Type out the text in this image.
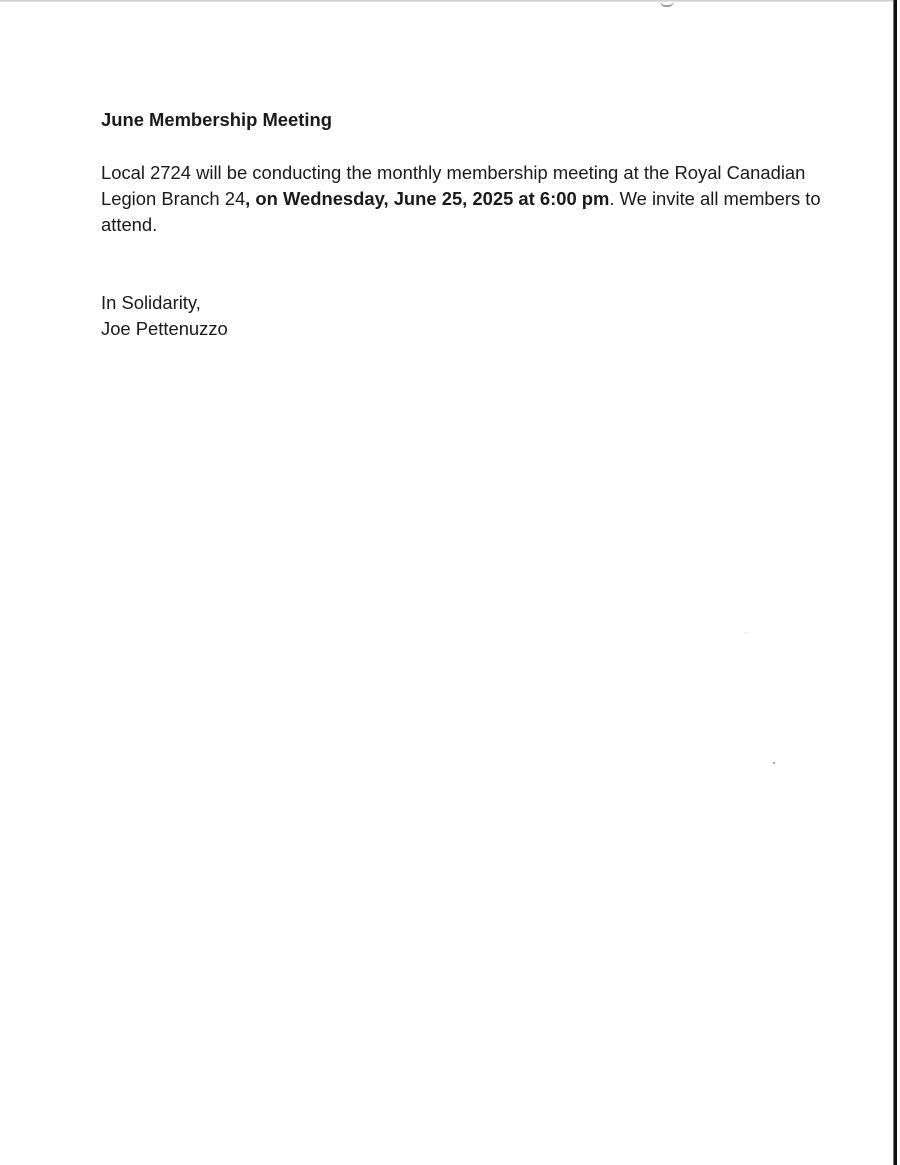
June Membership Meeting

Local 2724 will be conducting the monthly membership meeting at the Royal Canadian Legion Branch 24, on Wednesday, June 25, 2025 at 6:00 pm. We invite all members to attend.

In Solidarity,
Joe Pettenuzzo
